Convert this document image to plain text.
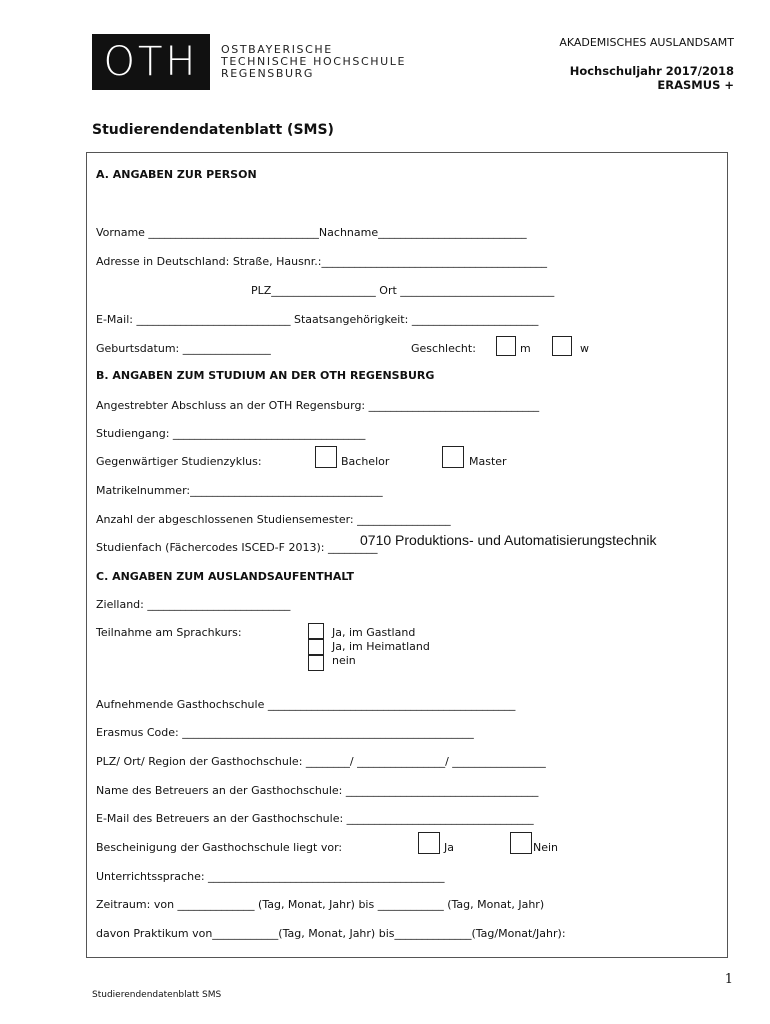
OTH OSTBAYERISCHE
TECHNISCHE HOCHSCHULE
REGENSBURG
AKADEMISCHES AUSLANDSAMT
Hochschuljahr 2017/2018
ERASMUS +
Studierendendatenblatt (SMS)
A. ANGABEN ZUR PERSON
Vorname _______________________________Nachname___________________________
Adresse in Deutschland: Straße, Hausnr.:_________________________________________
PLZ___________________ Ort ____________________________
E-Mail: ____________________________ Staatsangehörigkeit: _______________________
Geburtsdatum: ________________	Geschlecht:	m	w
B. ANGABEN ZUM STUDIUM AN DER OTH REGENSBURG
Angestrebter Abschluss an der OTH Regensburg: _______________________________
Studiengang: ___________________________________
Gegenwärtiger Studienzyklus:	Bachelor	Master
Matrikelnummer:___________________________________
Anzahl der abgeschlossenen Studiensemester: _________________
Studienfach (Fächercodes ISCED-F 2013): _________
0710 Produktions- und Automatisierungstechnik
C. ANGABEN ZUM AUSLANDSAUFENTHALT
Zielland: __________________________
Teilnahme am Sprachkurs:	Ja, im Gastland
Ja, im Heimatland
nein
Aufnehmende Gasthochschule _____________________________________________
Erasmus Code: _____________________________________________________
PLZ/ Ort/ Region der Gasthochschule: ________/ ________________/ _________________
Name des Betreuers an der Gasthochschule: ___________________________________
E-Mail des Betreuers an der Gasthochschule: __________________________________
Bescheinigung der Gasthochschule liegt vor:	Ja	Nein
Unterrichtssprache: ___________________________________________
Zeitraum: von ______________ (Tag, Monat, Jahr) bis ____________ (Tag, Monat, Jahr)
davon Praktikum von____________(Tag, Monat, Jahr) bis______________(Tag/Monat/Jahr):
1
Studierendendatenblatt SMS
